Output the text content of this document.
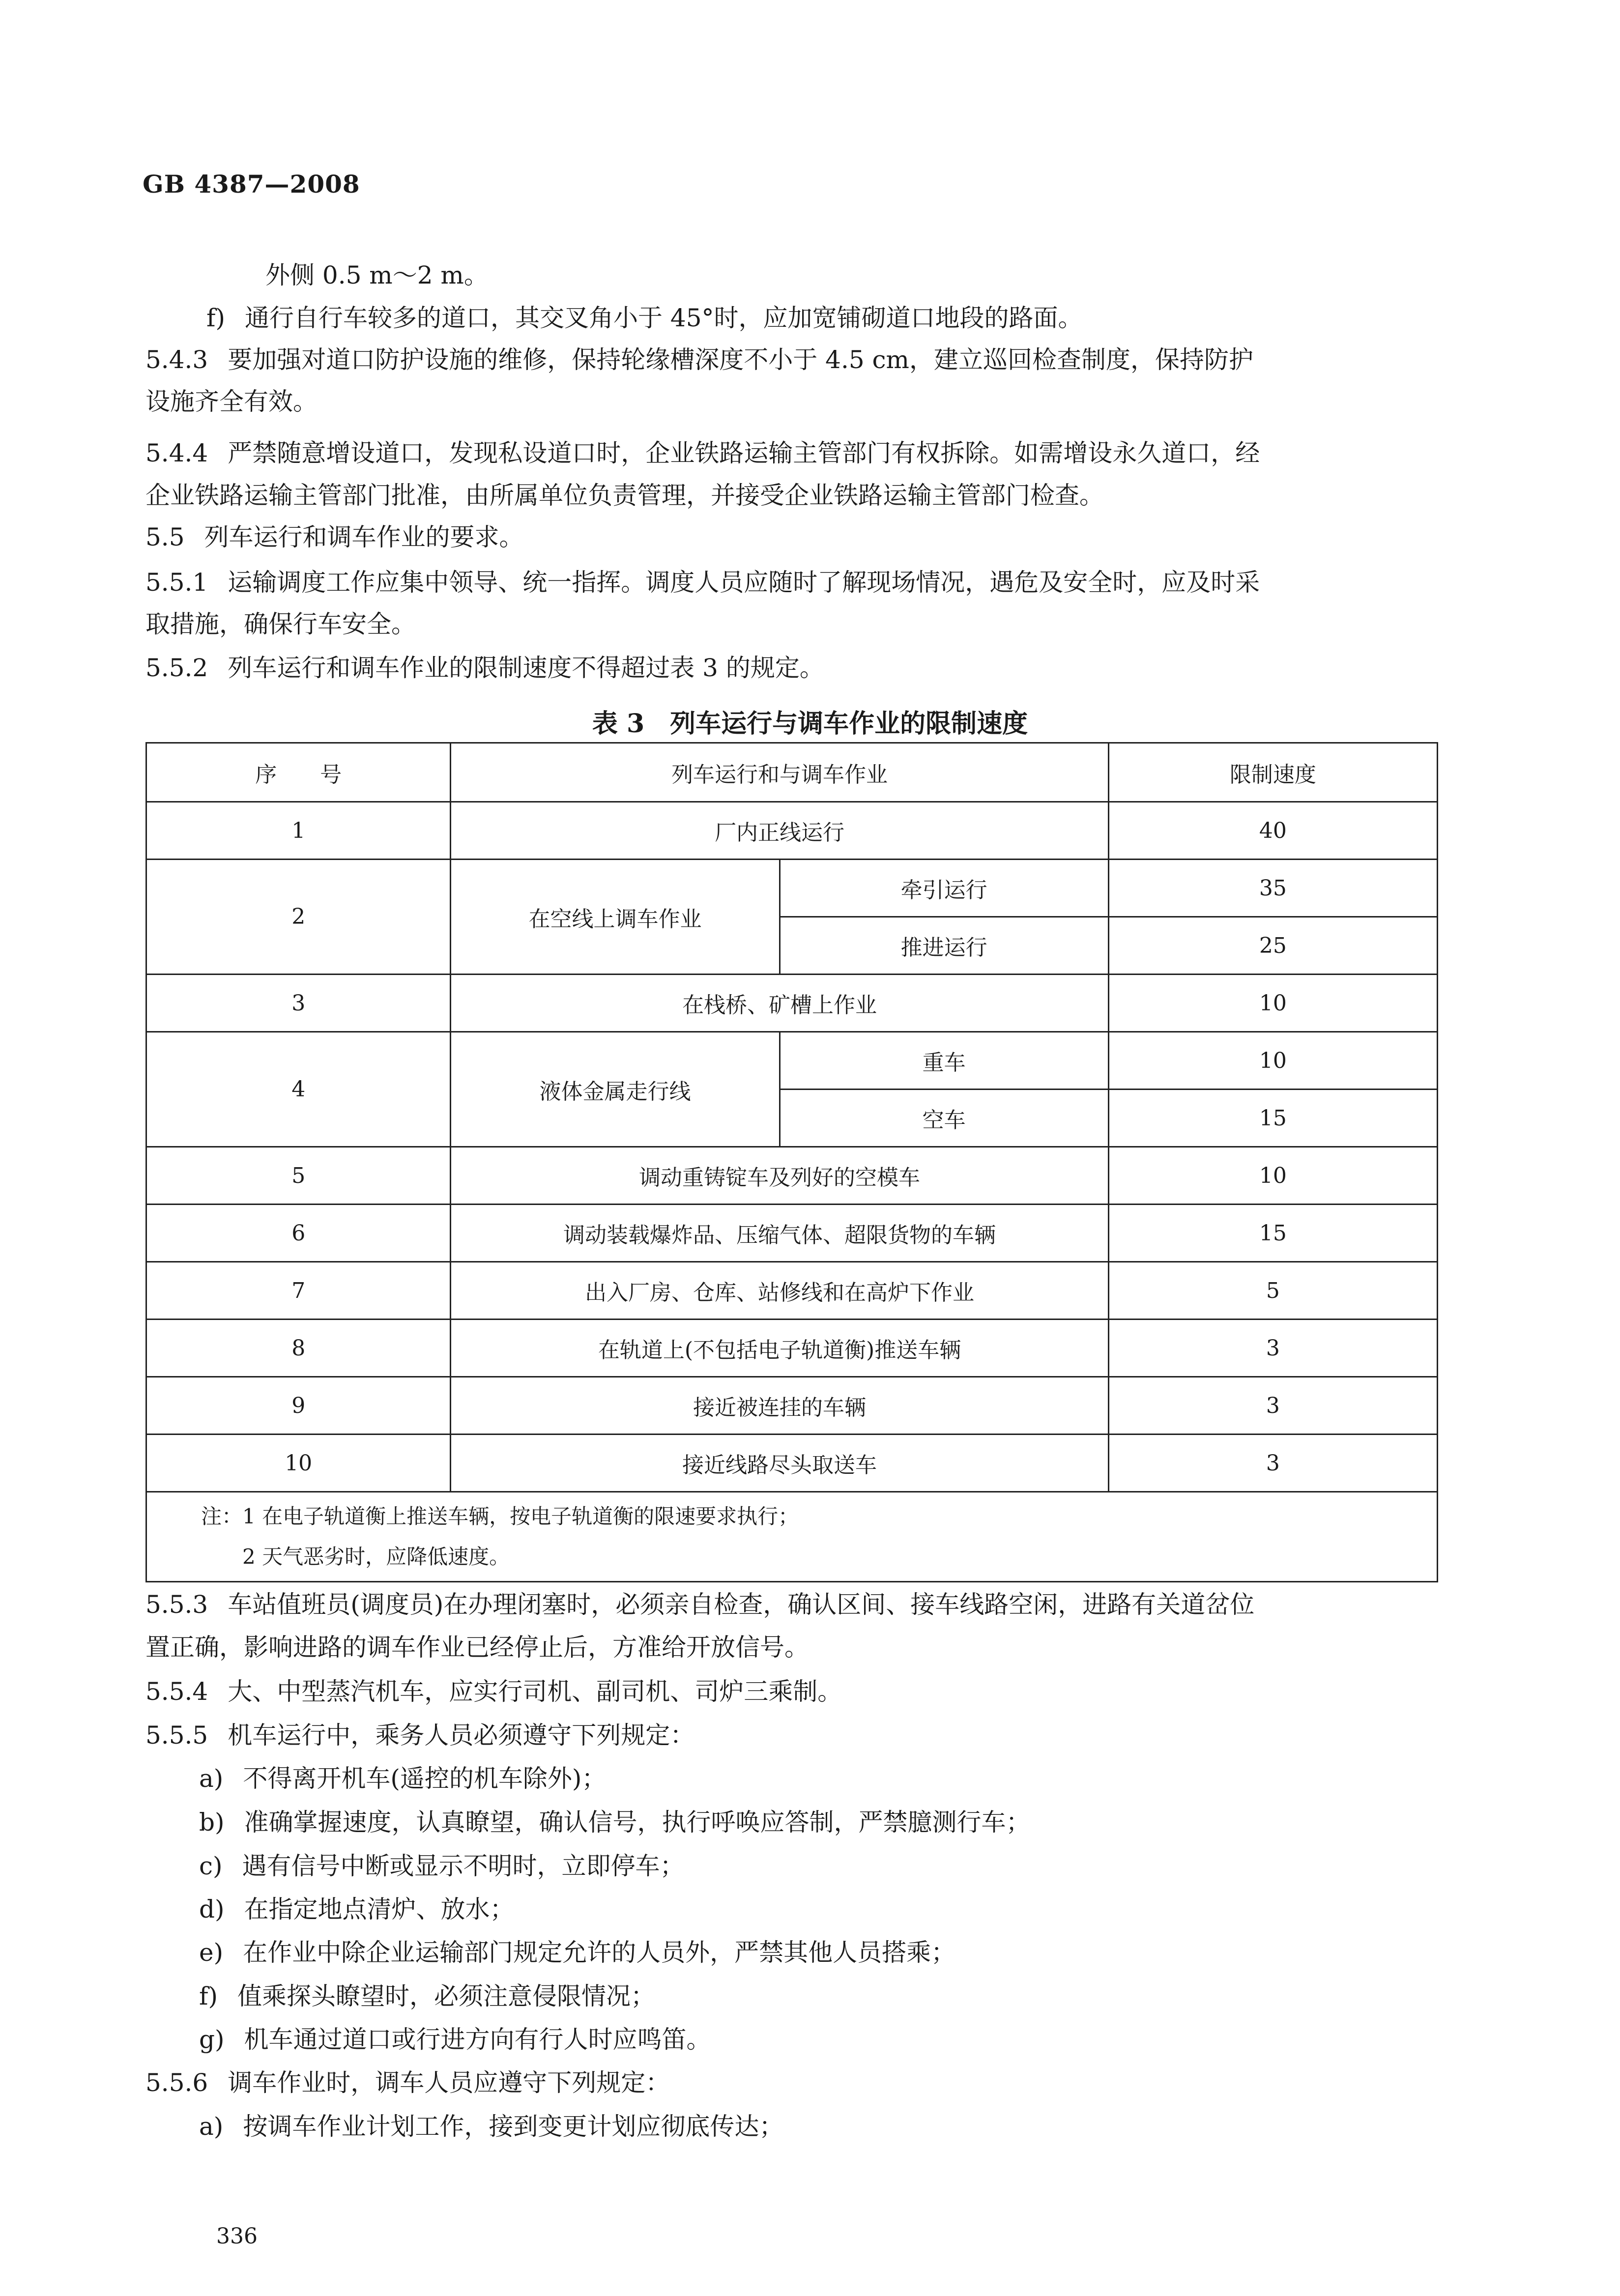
GB 4387—2008
外侧 0.5 m～2 m。
f) 通行自行车较多的道口，其交叉角小于 45°时，应加宽铺砌道口地段的路面。
5.4.3 要加强对道口防护设施的维修，保持轮缘槽深度不小于 4.5 cm，建立巡回检查制度，保持防护
设施齐全有效。
5.4.4 严禁随意增设道口，发现私设道口时，企业铁路运输主管部门有权拆除。如需增设永久道口，经
企业铁路运输主管部门批准，由所属单位负责管理，并接受企业铁路运输主管部门检查。
5.5 列车运行和调车作业的要求。
5.5.1 运输调度工作应集中领导、统一指挥。调度人员应随时了解现场情况，遇危及安全时，应及时采
取措施，确保行车安全。
5.5.2 列车运行和调车作业的限制速度不得超过表 3 的规定。
表 3　列车运行与调车作业的限制速度
序　　号	列车运行和与调车作业		限制速度
1	厂内正线运行		40
2	在空线上调车作业	牵引运行	35
		推进运行	25
3	在栈桥、矿槽上作业		10
4	液体金属走行线	重车	10
		空车	15
5	调动重铸锭车及列好的空模车		10
6	调动装载爆炸品、压缩气体、超限货物的车辆		15
7	出入厂房、仓库、站修线和在高炉下作业		5
8	在轨道上(不包括电子轨道衡)推送车辆		3
9	接近被连挂的车辆		3
10	接近线路尽头取送车		3

注：1 在电子轨道衡上推送车辆，按电子轨道衡的限速要求执行；
　　2 天气恶劣时，应降低速度。			
5.5.3 车站值班员(调度员)在办理闭塞时，必须亲自检查，确认区间、接车线路空闲，进路有关道岔位
置正确，影响进路的调车作业已经停止后，方准给开放信号。
5.5.4 大、中型蒸汽机车，应实行司机、副司机、司炉三乘制。
5.5.5 机车运行中，乘务人员必须遵守下列规定：
a) 不得离开机车(遥控的机车除外)；
b) 准确掌握速度，认真瞭望，确认信号，执行呼唤应答制，严禁臆测行车；
c) 遇有信号中断或显示不明时，立即停车；
d) 在指定地点清炉、放水；
e) 在作业中除企业运输部门规定允许的人员外，严禁其他人员搭乘；
f) 值乘探头瞭望时，必须注意侵限情况；
g) 机车通过道口或行进方向有行人时应鸣笛。
5.5.6 调车作业时，调车人员应遵守下列规定：
a) 按调车作业计划工作，接到变更计划应彻底传达；
336
